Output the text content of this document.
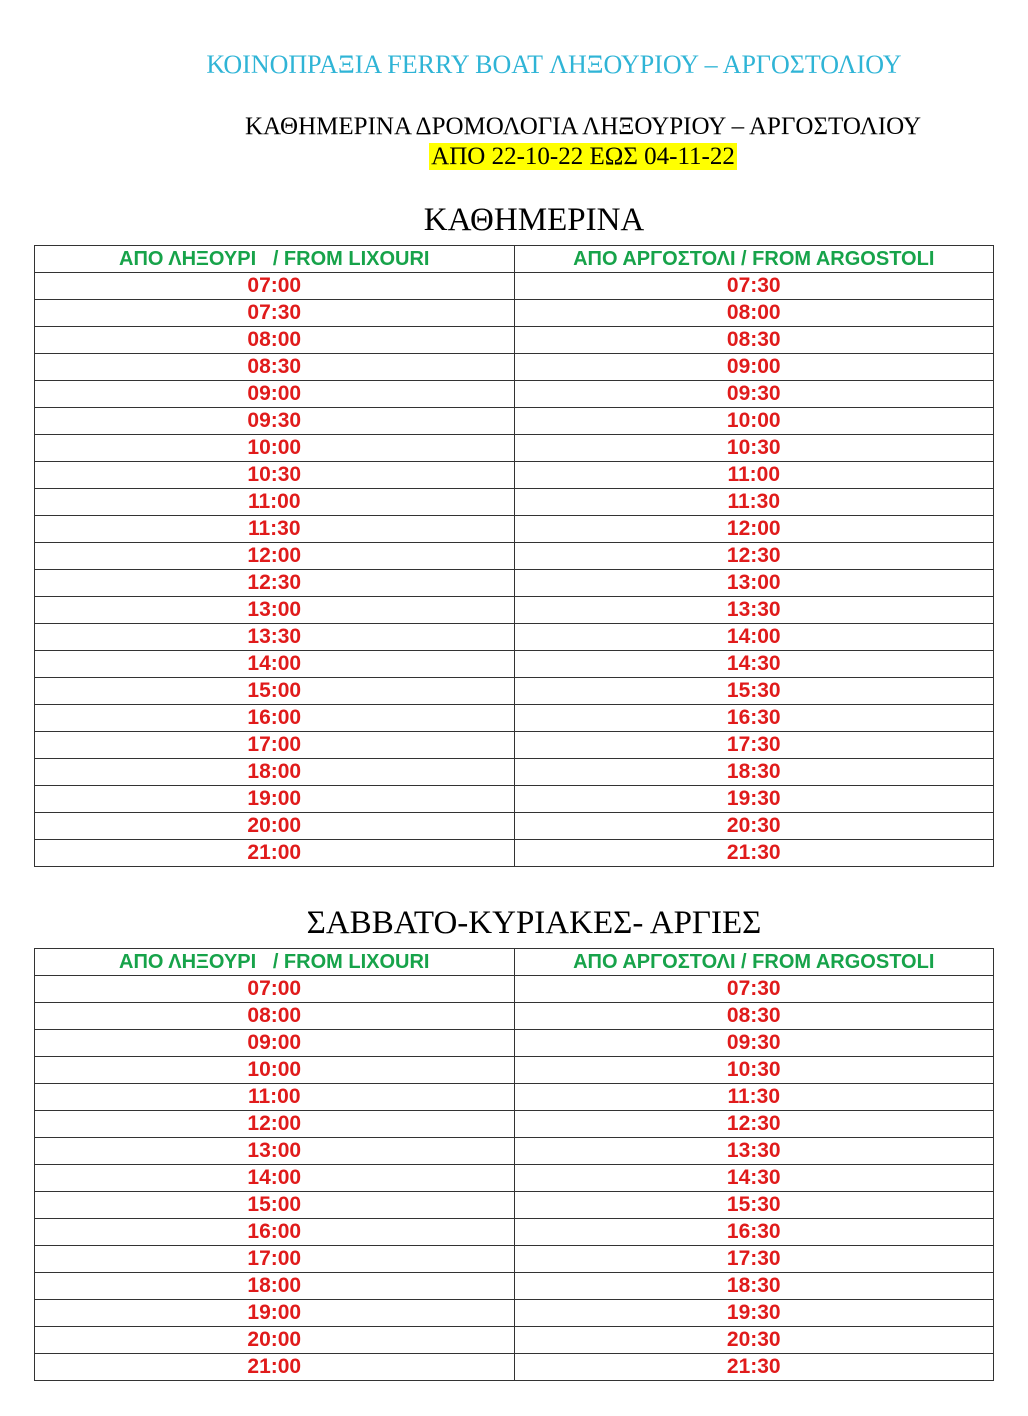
ΚΟΙΝΟΠΡΑΞΙΑ FERRY BOAT ΛΗΞΟΥΡΙΟΥ – ΑΡΓΟΣΤΟΛΙΟΥ
ΚΑΘΗΜΕΡΙΝΑ ΔΡΟΜΟΛΟΓΙΑ ΛΗΞΟΥΡΙΟΥ – ΑΡΓΟΣΤΟΛΙΟΥ
ΑΠΟ 22-10-22 ΕΩΣ 04-11-22
ΚΑΘΗΜΕΡΙΝΑ
ΑΠΟ ΛΗΞΟΥΡΙ   / FROM LIXOURI	ΑΠΟ ΑΡΓΟΣΤΟΛΙ / FROM ARGOSTOLI
07:00	07:30
07:30	08:00
08:00	08:30
08:30	09:00
09:00	09:30
09:30	10:00
10:00	10:30
10:30	11:00
11:00	11:30
11:30	12:00
12:00	12:30
12:30	13:00
13:00	13:30
13:30	14:00
14:00	14:30
15:00	15:30
16:00	16:30
17:00	17:30
18:00	18:30
19:00	19:30
20:00	20:30
21:00	21:30
ΣΑΒΒΑΤΟ-ΚΥΡΙΑΚΕΣ- ΑΡΓΙΕΣ
ΑΠΟ ΛΗΞΟΥΡΙ   / FROM LIXOURI	ΑΠΟ ΑΡΓΟΣΤΟΛΙ / FROM ARGOSTOLI
07:00	07:30
08:00	08:30
09:00	09:30
10:00	10:30
11:00	11:30
12:00	12:30
13:00	13:30
14:00	14:30
15:00	15:30
16:00	16:30
17:00	17:30
18:00	18:30
19:00	19:30
20:00	20:30
21:00	21:30
